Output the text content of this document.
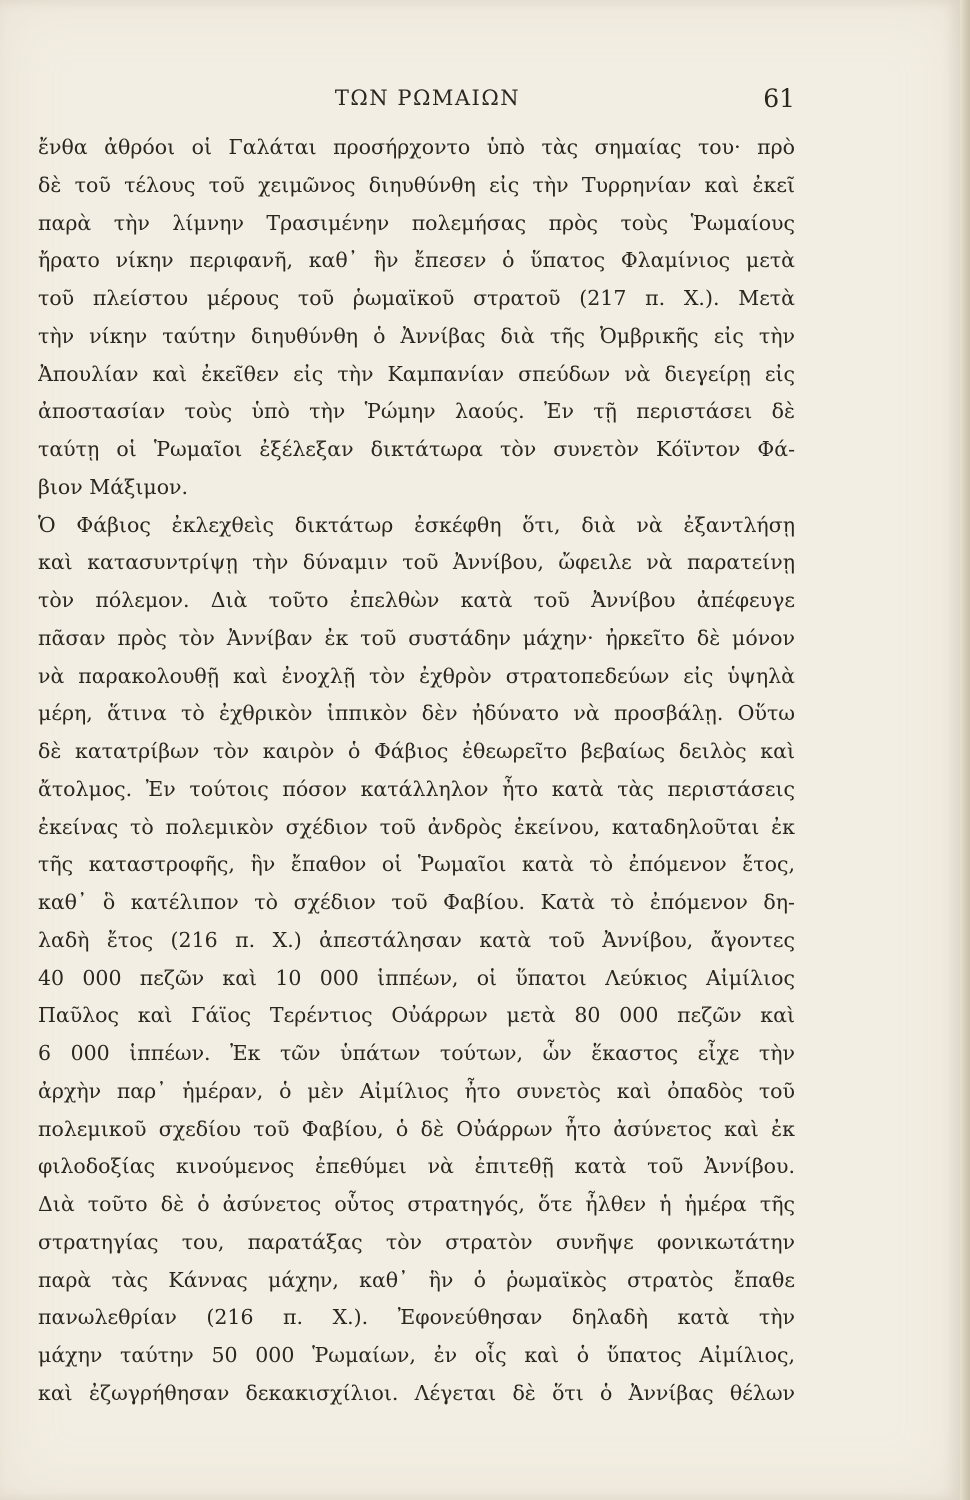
ΤΩΝ ΡΩΜΑΙΩΝ	61
ἔνθα ἀθρόοι οἱ Γαλάται προσήρχοντο ὑπὸ τὰς σημαίας του· πρὸ
δὲ τοῦ τέλους τοῦ χειμῶνος διηυθύνθη εἰς τὴν Τυρρηνίαν καὶ ἐκεῖ
παρὰ τὴν λίμνην Τρασιμένην πολεμήσας πρὸς τοὺς Ῥωμαίους
ἤρατο νίκην περιφανῆ, καθ᾽ ἣν ἔπεσεν ὁ ὕπατος Φλαμίνιος μετὰ
τοῦ πλείστου μέρους τοῦ ῥωμαϊκοῦ στρατοῦ (217 π. Χ.). Μετὰ
τὴν νίκην ταύτην διηυθύνθη ὁ Ἀννίβας διὰ τῆς Ὀμβρικῆς εἰς τὴν
Ἀπουλίαν καὶ ἐκεῖθεν εἰς τὴν Καμπανίαν σπεύδων νὰ διεγείρῃ εἰς
ἀποστασίαν τοὺς ὑπὸ τὴν Ῥώμην λαούς. Ἐν τῇ περιστάσει δὲ
ταύτῃ οἱ Ῥωμαῖοι ἐξέλεξαν δικτάτωρα τὸν συνετὸν Κόϊντον Φά-
βιον Μάξιμον.
Ὁ Φάβιος ἐκλεχθεὶς δικτάτωρ ἐσκέφθη ὅτι, διὰ νὰ ἐξαντλήσῃ
καὶ κατασυντρίψῃ τὴν δύναμιν τοῦ Ἀννίβου, ὤφειλε νὰ παρατείνῃ
τὸν πόλεμον. Διὰ τοῦτο ἐπελθὼν κατὰ τοῦ Ἀννίβου ἀπέφευγε
πᾶσαν πρὸς τὸν Ἀννίβαν ἐκ τοῦ συστάδην μάχην· ἠρκεῖτο δὲ μόνον
νὰ παρακολουθῇ καὶ ἐνοχλῇ τὸν ἐχθρὸν στρατοπεδεύων εἰς ὑψηλὰ
μέρη, ἅτινα τὸ ἐχθρικὸν ἱππικὸν δὲν ἠδύνατο νὰ προσβάλῃ. Οὕτω
δὲ κατατρίβων τὸν καιρὸν ὁ Φάβιος ἐθεωρεῖτο βεβαίως δειλὸς καὶ
ἄτολμος. Ἐν τούτοις πόσον κατάλληλον ἦτο κατὰ τὰς περιστάσεις
ἐκείνας τὸ πολεμικὸν σχέδιον τοῦ ἀνδρὸς ἐκείνου, καταδηλοῦται ἐκ
τῆς καταστροφῆς, ἣν ἔπαθον οἱ Ῥωμαῖοι κατὰ τὸ ἐπόμενον ἔτος,
καθ᾽ ὃ κατέλιπον τὸ σχέδιον τοῦ Φαβίου. Κατὰ τὸ ἐπόμενον δη-
λαδὴ ἔτος (216 π. Χ.) ἀπεστάλησαν κατὰ τοῦ Ἀννίβου, ἄγοντες
40 000 πεζῶν καὶ 10 000 ἱππέων, οἱ ὕπατοι Λεύκιος Αἰμίλιος
Παῦλος καὶ Γάϊος Τερέντιος Οὐάρρων μετὰ 80 000 πεζῶν καὶ
6 000 ἱππέων. Ἐκ τῶν ὑπάτων τούτων, ὧν ἕκαστος εἶχε τὴν
ἀρχὴν παρ᾽ ἡμέραν, ὁ μὲν Αἰμίλιος ἦτο συνετὸς καὶ ὀπαδὸς τοῦ
πολεμικοῦ σχεδίου τοῦ Φαβίου, ὁ δὲ Οὐάρρων ἦτο ἀσύνετος καὶ ἐκ
φιλοδοξίας κινούμενος ἐπεθύμει νὰ ἐπιτεθῇ κατὰ τοῦ Ἀννίβου.
Διὰ τοῦτο δὲ ὁ ἀσύνετος οὗτος στρατηγός, ὅτε ἦλθεν ἡ ἡμέρα τῆς
στρατηγίας του, παρατάξας τὸν στρατὸν συνῆψε φονικωτάτην
παρὰ τὰς Κάννας μάχην, καθ᾽ ἣν ὁ ῥωμαϊκὸς στρατὸς ἔπαθε
πανωλεθρίαν (216 π. Χ.). Ἐφονεύθησαν δηλαδὴ κατὰ τὴν
μάχην ταύτην 50 000 Ῥωμαίων, ἐν οἷς καὶ ὁ ὕπατος Αἰμίλιος,
καὶ ἐζωγρήθησαν δεκακισχίλιοι. Λέγεται δὲ ὅτι ὁ Ἀννίβας θέλων
